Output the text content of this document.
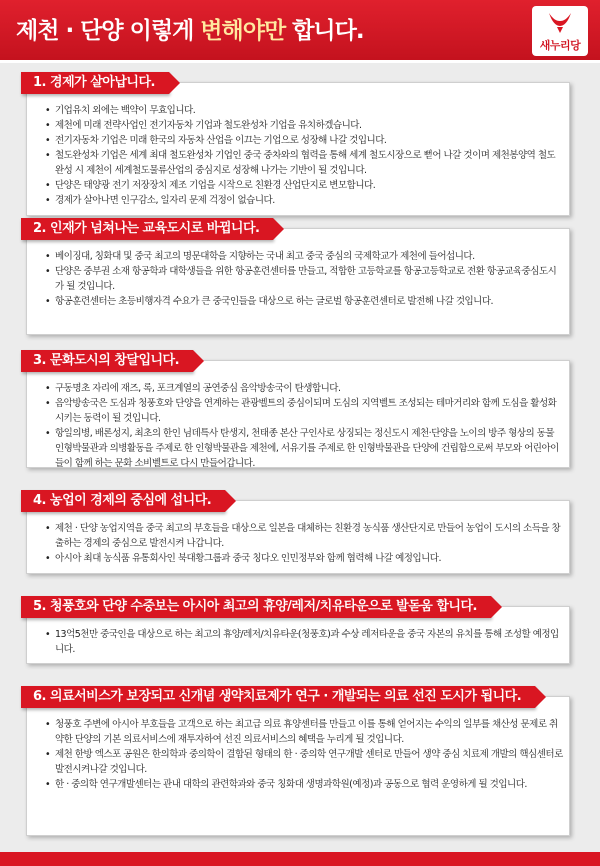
제천 · 단양 이렇게 변해야만 합니다.
새누리당
1. 경제가 살아납니다.
• 기업유치 외에는 백약이 무효입니다.
• 제천에 미래 전략사업인 전기자동차 기업과 철도완성차 기업을 유치하겠습니다.
• 전기자동차 기업은 미래 한국의 자동차 산업을 이끄는 기업으로 성장해 나갈 것입니다.
• 철도완성차 기업은 세계 최대 철도완성차 기업인 중국 중차와의 협력을 통해 세계 철도시장으로 뻗어 나갈 것이며 제천봉양역 철도완성 시 제천이 세계철도물류산업의 중심지로 성장해 나가는 기반이 될 것입니다.
• 단양은 태양광 전기 저장장치 제조 기업을 시작으로 친환경 산업단지로 변모합니다.
• 경제가 살아나면 인구감소, 일자리 문제 걱정이 없습니다.
2. 인재가 넘쳐나는 교육도시로 바뀝니다.
• 베이징대, 칭화대 및 중국 최고의 명문대학을 지향하는 국내 최고 중국 중심의 국제학교가 제천에 들어섭니다.
• 단양은 중부권 소재 항공학과 대학생들을 위한 항공훈련센터를 만들고, 적합한 고등학교를 항공고등학교로 전환 항공교육중심도시가 될 것입니다.
• 항공훈련센터는 초등비행자격 수요가 큰 중국인들을 대상으로 하는 글로벌 항공훈련센터로 발전해 나갈 것입니다.
3. 문화도시의 창달입니다.
• 구동명초 자리에 재즈, 록, 포크계열의 공연중심 음악방송국이 탄생합니다.
• 음악방송국은 도심과 청풍호와 단양을 연계하는 관광벨트의 중심이되며 도심의 지역벨트 조성되는 테마거리와 함께 도심을 활성화 시키는 동력이 될 것입니다.
• 항일의병, 배론성지, 최초의 한인 님데특사 탄생지, 천태종 본산 구인사로 상징되는 정신도시 제천·단양을 노이의 방주 형상의 동물 인형박물관과 의병활동을 주제로 한 인형박물관을 제천에, 서유기를 주제로 한 인형박물관을 단양에 건립함으로써 부모와 어린아이들이 함께 하는 문화 소비벨트로 다시 만들어갑니다.
4. 농업이 경제의 중심에 섭니다.
• 제천 · 단양 농업지역을 중국 최고의 부호들을 대상으로 일본을 대체하는 친환경 농식품 생산단지로 만들어 농업이 도시의 소득을 창출하는 경제의 중심으로 발전시켜 나갑니다.
• 아시아 최대 농식품 유통회사인 북대황그룹과 중국 칭다오 인민정부와 함께 협력해 나갈 예정입니다.
5. 청풍호와 단양 수중보는 아시아 최고의 휴양/레저/치유타운으로 발돋움 합니다.
• 13억5천만 중국인을 대상으로 하는 최고의 휴양/레저/치유타운(청풍호)과 수상 레저타운을 중국 자본의 유치를 통해 조성할 예정입니다.
6. 의료서비스가 보장되고 신개념 생약치료제가 연구 · 개발되는 의료 선진 도시가 됩니다.
• 청풍호 주변에 아시아 부호들을 고객으로 하는 최고급 의료 휴양센터를 만들고 이를 통해 얻어지는 수익의 일부를 채산성 문제로 취약한 단양의 기본 의료서비스에 재투자하여 선진 의료서비스의 혜택을 누리게 될 것입니다.
• 제천 한방 엑스포 공원은 한의학과 중의학이 결합된 형태의 한 · 중의학 연구개발 센터로 만들어 생약 중심 치료제 개발의 핵심센터로 발전시켜나갈 것입니다.
• 한 · 중의학 연구개발센터는 관내 대학의 관련학과와 중국 칭화대 생명과학원(예정)과 공동으로 협력 운영하게 될 것입니다.
